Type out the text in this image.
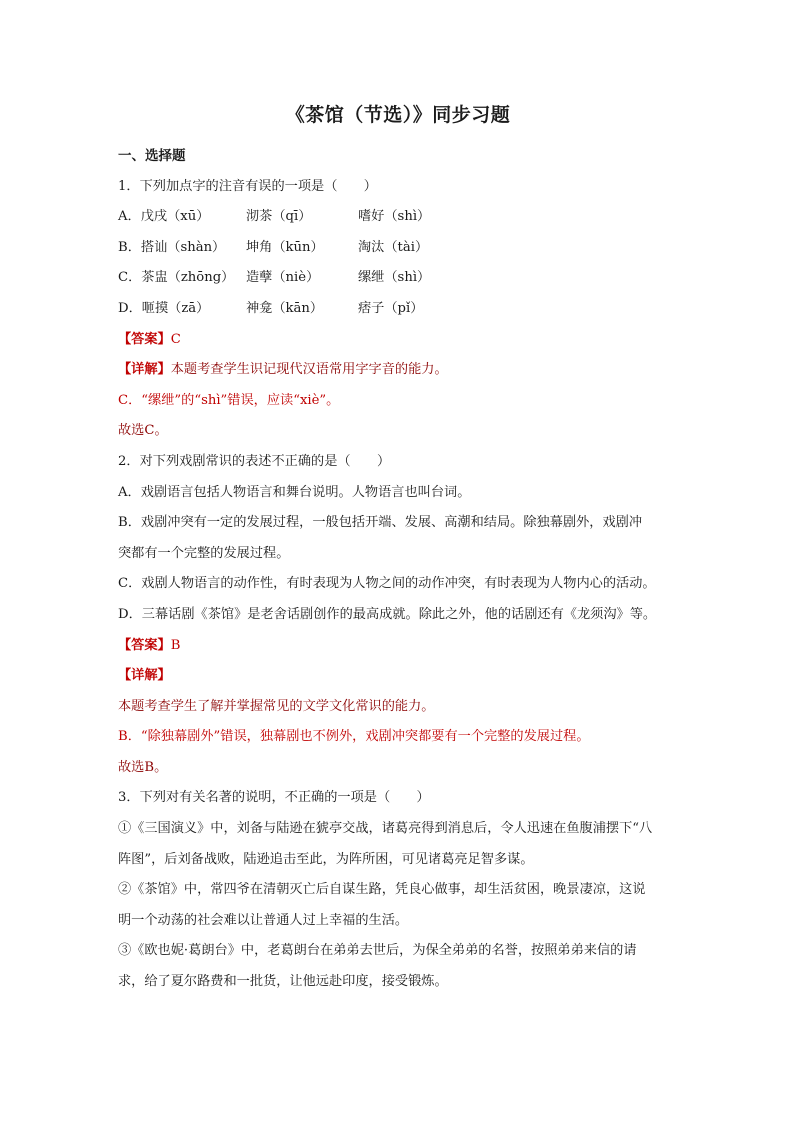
《茶馆（节选）》同步习题
一、选择题
1．下列加点字的注音有误的一项是（　　）
A．戊戌（xū）	沏茶（qī）	嗜好（shì）
B．搭讪（shàn）	坤角（kūn）	淘汰（tài）
C．茶盅（zhōng） 造孽（niè）	缧绁（shì）
D．咂摸（zā）	神龛（kān）	痞子（pǐ）
【答案】C
【详解】本题考查学生识记现代汉语常用字字音的能力。
C．“缧绁”的“shì”错误，应读“xiè”。
故选C。
2．对下列戏剧常识的表述不正确的是（　　）
A．戏剧语言包括人物语言和舞台说明。人物语言也叫台词。
B．戏剧冲突有一定的发展过程，一般包括开端、发展、高潮和结局。除独幕剧外，戏剧冲
突都有一个完整的发展过程。
C．戏剧人物语言的动作性，有时表现为人物之间的动作冲突，有时表现为人物内心的活动。
D．三幕话剧《茶馆》是老舍话剧创作的最高成就。除此之外，他的话剧还有《龙须沟》等。
【答案】B
【详解】
本题考查学生了解并掌握常见的文学文化常识的能力。
B．“除独幕剧外”错误，独幕剧也不例外，戏剧冲突都要有一个完整的发展过程。
故选B。
3．下列对有关名著的说明，不正确的一项是（　　）
①《三国演义》中，刘备与陆逊在猇亭交战，诸葛亮得到消息后，令人迅速在鱼腹浦摆下“八
阵图”，后刘备战败，陆逊追击至此，为阵所困，可见诸葛亮足智多谋。
②《茶馆》中，常四爷在清朝灭亡后自谋生路，凭良心做事，却生活贫困，晚景凄凉，这说
明一个动荡的社会难以让普通人过上幸福的生活。
③《欧也妮·葛朗台》中，老葛朗台在弟弟去世后，为保全弟弟的名誉，按照弟弟来信的请
求，给了夏尔路费和一批货，让他远赴印度，接受锻炼。
